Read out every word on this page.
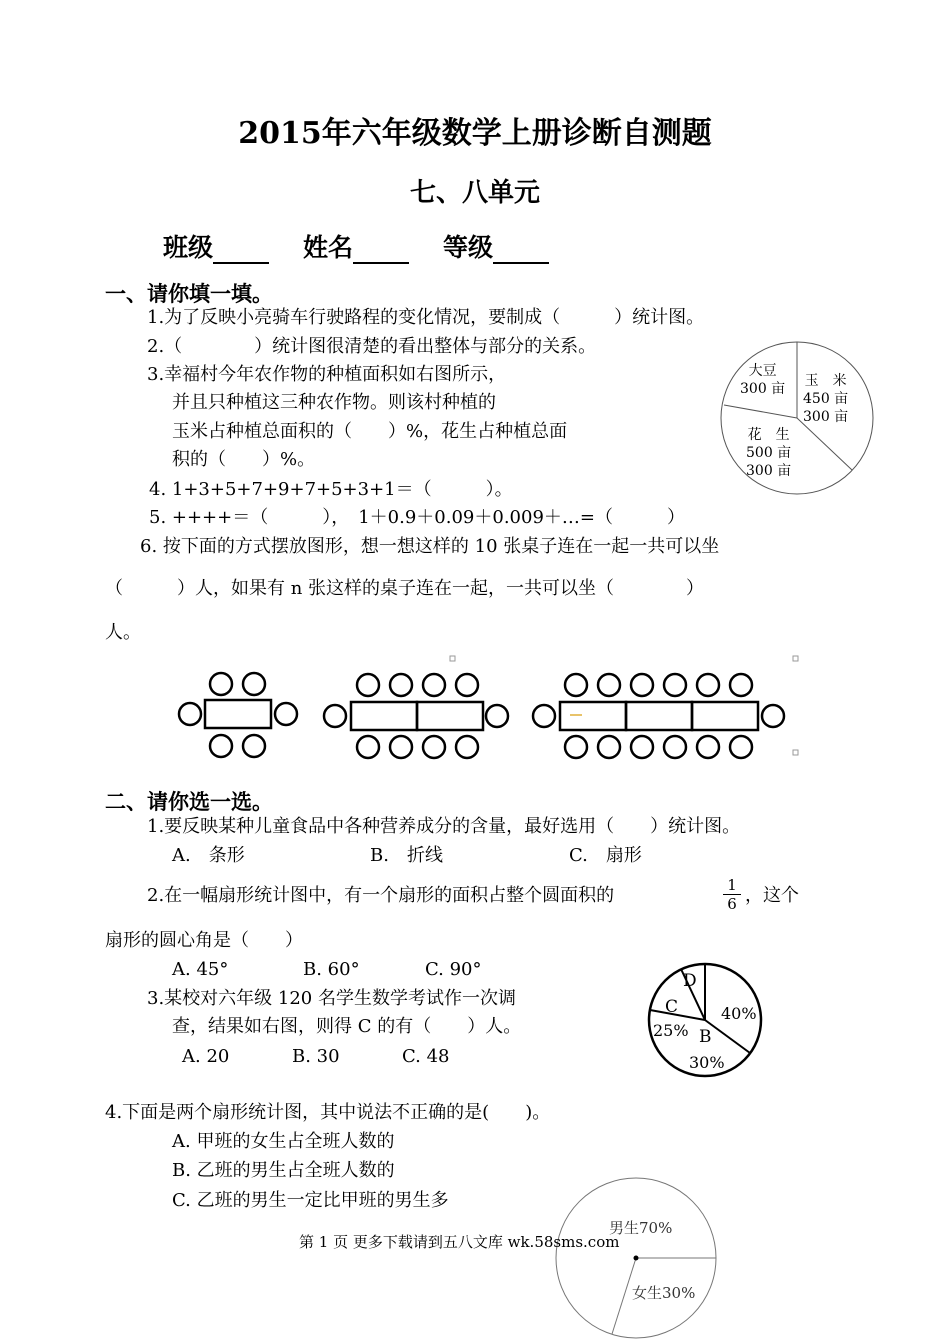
2015年六年级数学上册诊断自测题
七、八单元
班级	姓名	等级
一、请你填一填。
1.为了反映小亮骑车行驶路程的变化情况，要制成（　　　）统计图。
2.（　　　　）统计图很清楚的看出整体与部分的关系。
3.幸福村今年农作物的种植面积如右图所示，
并且只种植这三种农作物。则该村种植的
玉米占种植总面积的（　　）%，花生占种植总面
积的（　　）%。
4. 1+3+5+7+9+7+5+3+1＝（　　　）。
5. ++++＝（　　　），　1＋0.9＋0.09＋0.009＋…=（　　　）
6. 按下面的方式摆放图形，想一想这样的 10 张桌子连在一起一共可以坐
（　　　）人，如果有 n 张这样的桌子连在一起，一共可以坐（　　　　）
人。
大豆
300 亩 玉　米
450 亩
300 亩
花　生
500 亩
300 亩
二、请你选一选。
1.要反映某种儿童食品中各种营养成分的含量，最好选用（　　）统计图。
A.　条形	B.　折线	C.　扇形
2.在一幅扇形统计图中，有一个扇形的面积占整个圆面积的	$\frac{1}{6}$ ，这个
扇形的圆心角是（　　）
A. 45°	B. 60°	C. 90°
3.某校对六年级 120 名学生数学考试作一次调
查，结果如右图，则得 C 的有（　　）人。
A. 20	B. 30	C. 48
D
C
B
40%
25%
30%
4.下面是两个扇形统计图，其中说法不正确的是(　　)。
A. 甲班的女生占全班人数的
B. 乙班的男生占全班人数的
C. 乙班的男生一定比甲班的男生多
男生70%
女生30%
第 1 页 更多下载请到五八文库 wk.58sms.com
